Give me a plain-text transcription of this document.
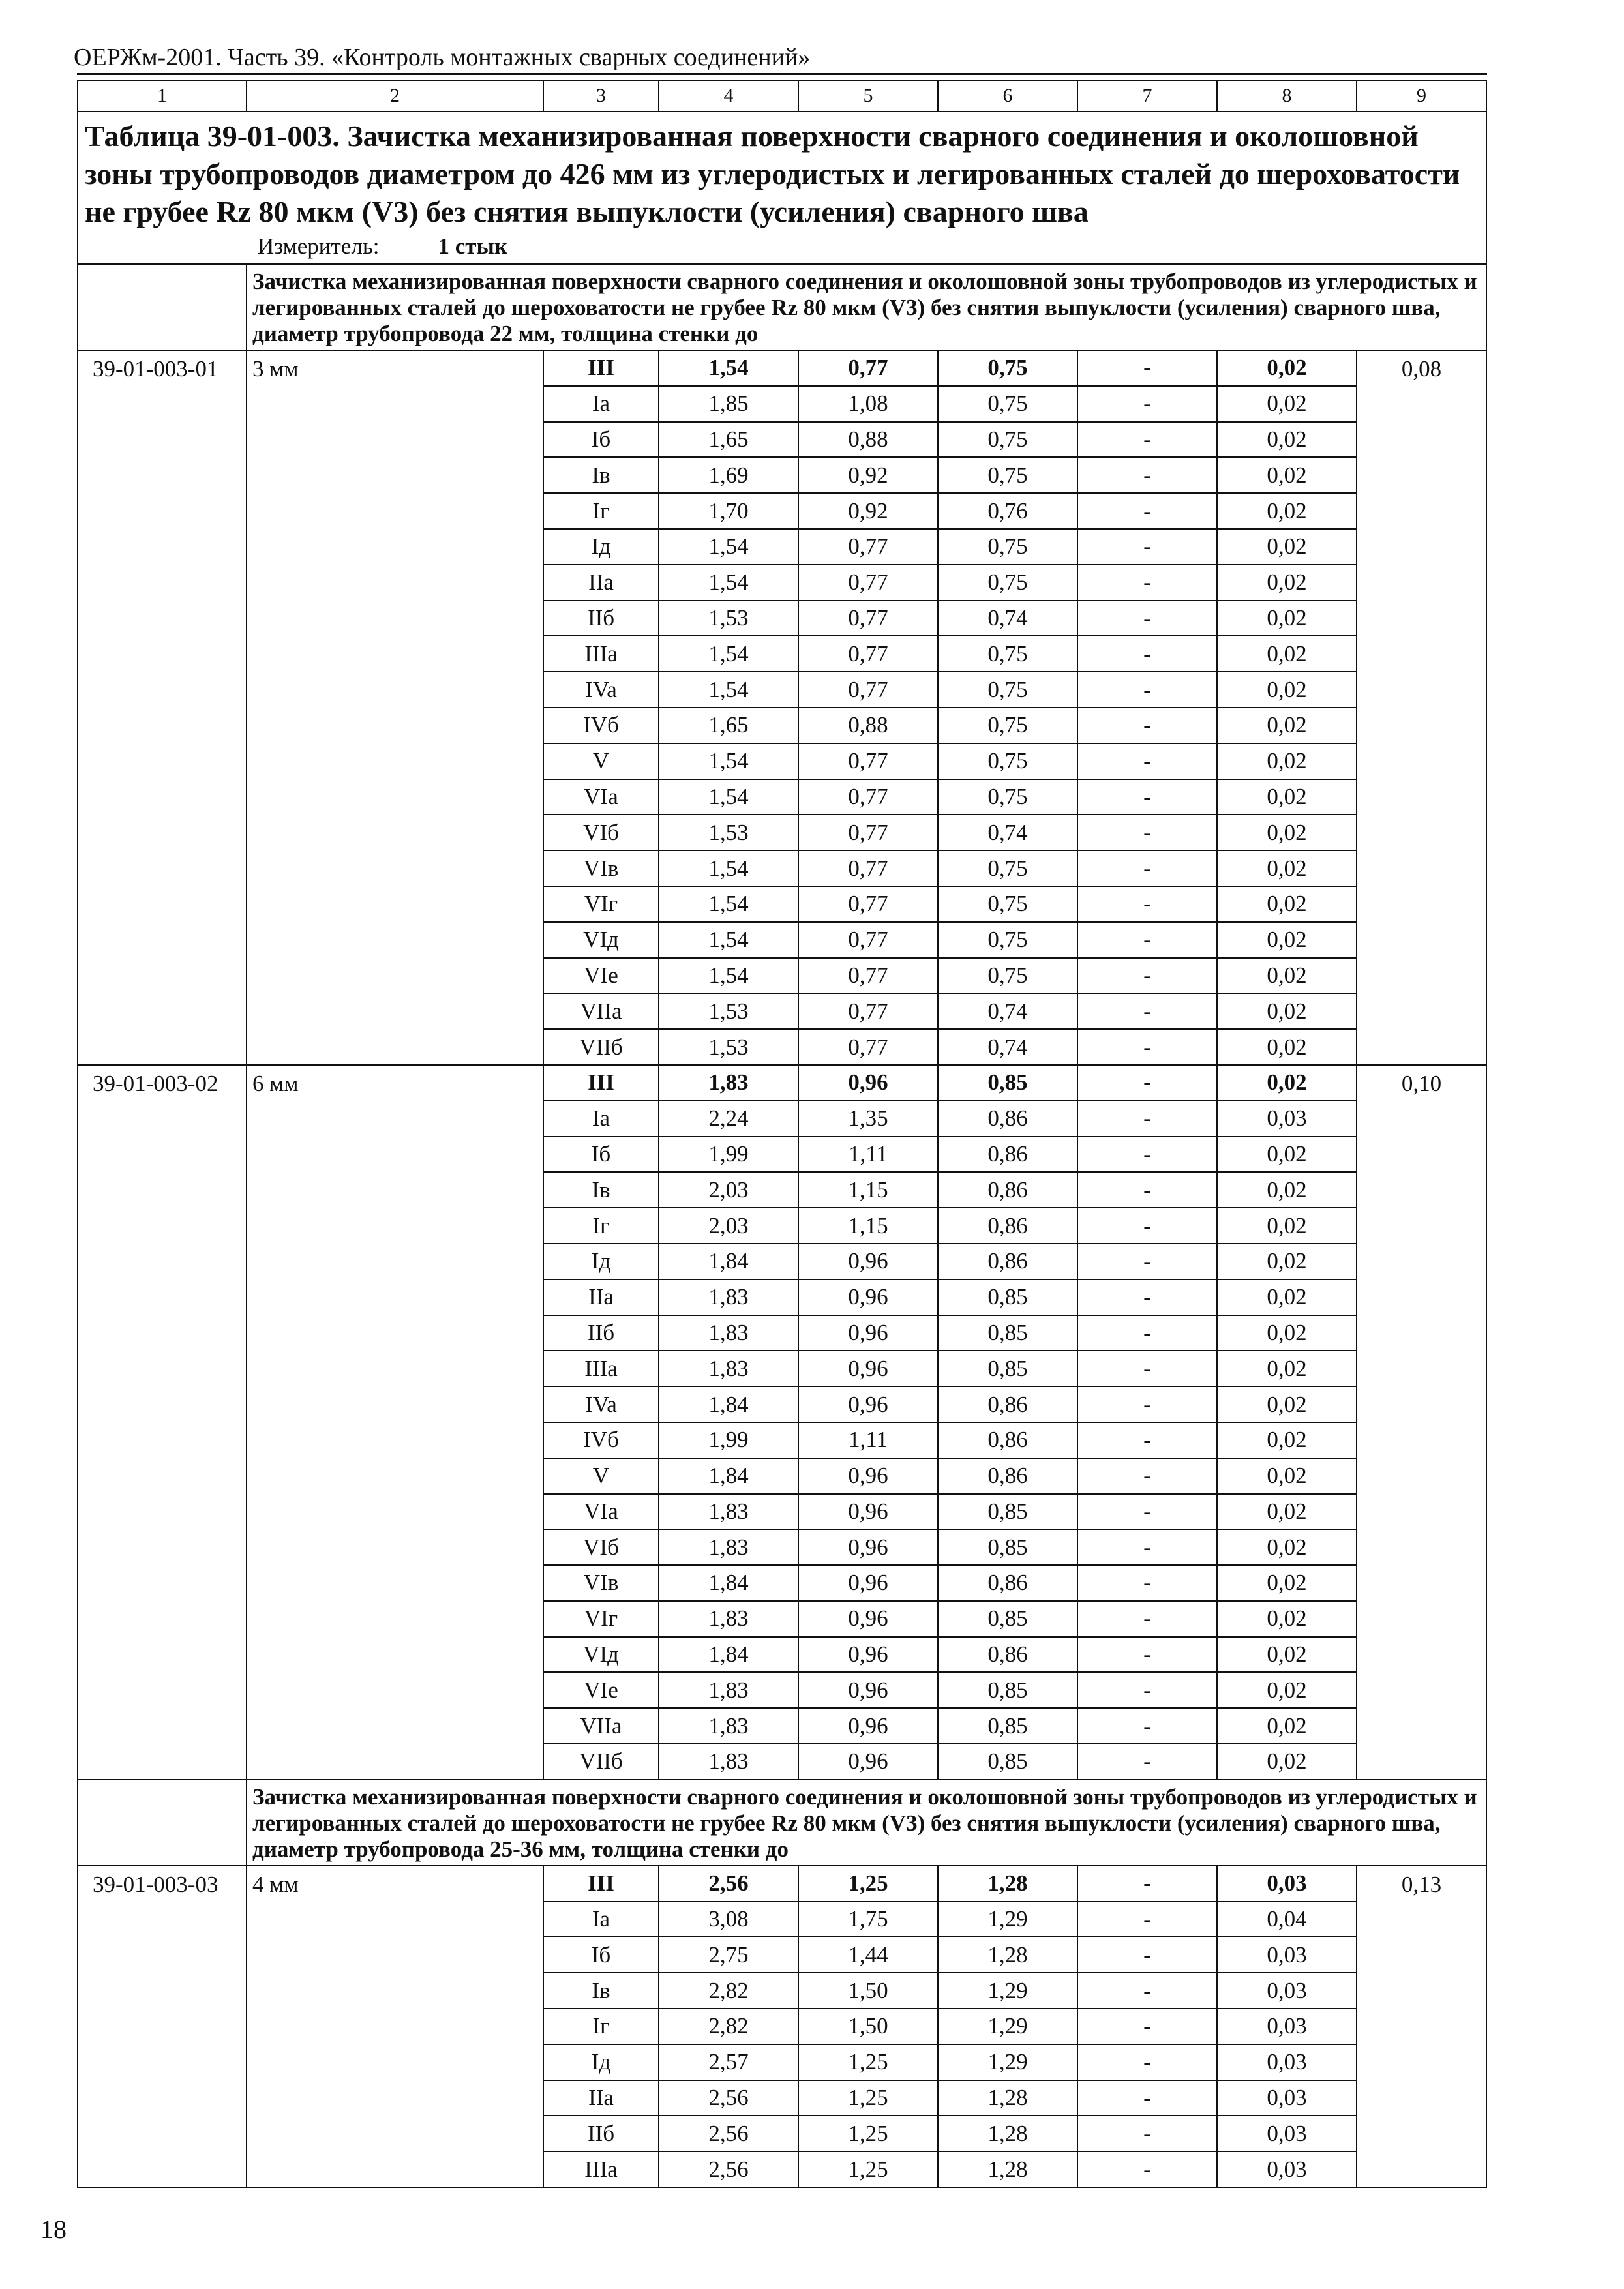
ОЕРЖм-2001. Часть 39. «Контроль монтажных сварных соединений»
1	2	3	4	5	6	7	8	9

Таблица 39-01-003. Зачистка механизированная поверхности сварного соединения и околошовной зоны трубопроводов диаметром до 426 мм из углеродистых и легированных сталей до шероховатости не грубее Rz 80 мкм (V3) без снятия выпуклости (усиления) сварного шва
Измеритель: 1 стык								

	Зачистка механизированная поверхности сварного соединения и околошовной зоны трубопроводов из углеродистых и легированных сталей до шероховатости не грубее Rz 80 мкм (V3) без снятия выпуклости (усиления) сварного шва, диаметр трубопровода 22 мм, толщина стенки до							
39-01-003-01	3 мм	III	1,54	0,77	0,75	-	0,02	0,08
		Ia	1,85	1,08	0,75	-	0,02	
		Iб	1,65	0,88	0,75	-	0,02	
		Iв	1,69	0,92	0,75	-	0,02	
		Iг	1,70	0,92	0,76	-	0,02	
		Iд	1,54	0,77	0,75	-	0,02	
		IIa	1,54	0,77	0,75	-	0,02	
		IIб	1,53	0,77	0,74	-	0,02	
		IIIa	1,54	0,77	0,75	-	0,02	
		IVa	1,54	0,77	0,75	-	0,02	
		IVб	1,65	0,88	0,75	-	0,02	
		V	1,54	0,77	0,75	-	0,02	
		VIa	1,54	0,77	0,75	-	0,02	
		VIб	1,53	0,77	0,74	-	0,02	
		VIв	1,54	0,77	0,75	-	0,02	
		VIг	1,54	0,77	0,75	-	0,02	
		VIд	1,54	0,77	0,75	-	0,02	
		VIe	1,54	0,77	0,75	-	0,02	
		VIIa	1,53	0,77	0,74	-	0,02	
		VIIб	1,53	0,77	0,74	-	0,02	
39-01-003-02	6 мм	III	1,83	0,96	0,85	-	0,02	0,10
		Ia	2,24	1,35	0,86	-	0,03	
		Iб	1,99	1,11	0,86	-	0,02	
		Iв	2,03	1,15	0,86	-	0,02	
		Iг	2,03	1,15	0,86	-	0,02	
		Iд	1,84	0,96	0,86	-	0,02	
		IIa	1,83	0,96	0,85	-	0,02	
		IIб	1,83	0,96	0,85	-	0,02	
		IIIa	1,83	0,96	0,85	-	0,02	
		IVa	1,84	0,96	0,86	-	0,02	
		IVб	1,99	1,11	0,86	-	0,02	
		V	1,84	0,96	0,86	-	0,02	
		VIa	1,83	0,96	0,85	-	0,02	
		VIб	1,83	0,96	0,85	-	0,02	
		VIв	1,84	0,96	0,86	-	0,02	
		VIг	1,83	0,96	0,85	-	0,02	
		VIд	1,84	0,96	0,86	-	0,02	
		VIe	1,83	0,96	0,85	-	0,02	
		VIIa	1,83	0,96	0,85	-	0,02	
		VIIб	1,83	0,96	0,85	-	0,02	
	Зачистка механизированная поверхности сварного соединения и околошовной зоны трубопроводов из углеродистых и легированных сталей до шероховатости не грубее Rz 80 мкм (V3) без снятия выпуклости (усиления) сварного шва, диаметр трубопровода 25-36 мм, толщина стенки до							
39-01-003-03	4 мм	III	2,56	1,25	1,28	-	0,03	0,13
		Ia	3,08	1,75	1,29	-	0,04	
		Iб	2,75	1,44	1,28	-	0,03	
		Iв	2,82	1,50	1,29	-	0,03	
		Iг	2,82	1,50	1,29	-	0,03	
		Iд	2,57	1,25	1,29	-	0,03	
		IIa	2,56	1,25	1,28	-	0,03	
		IIб	2,56	1,25	1,28	-	0,03	
		IIIa	2,56	1,25	1,28	-	0,03	
18
